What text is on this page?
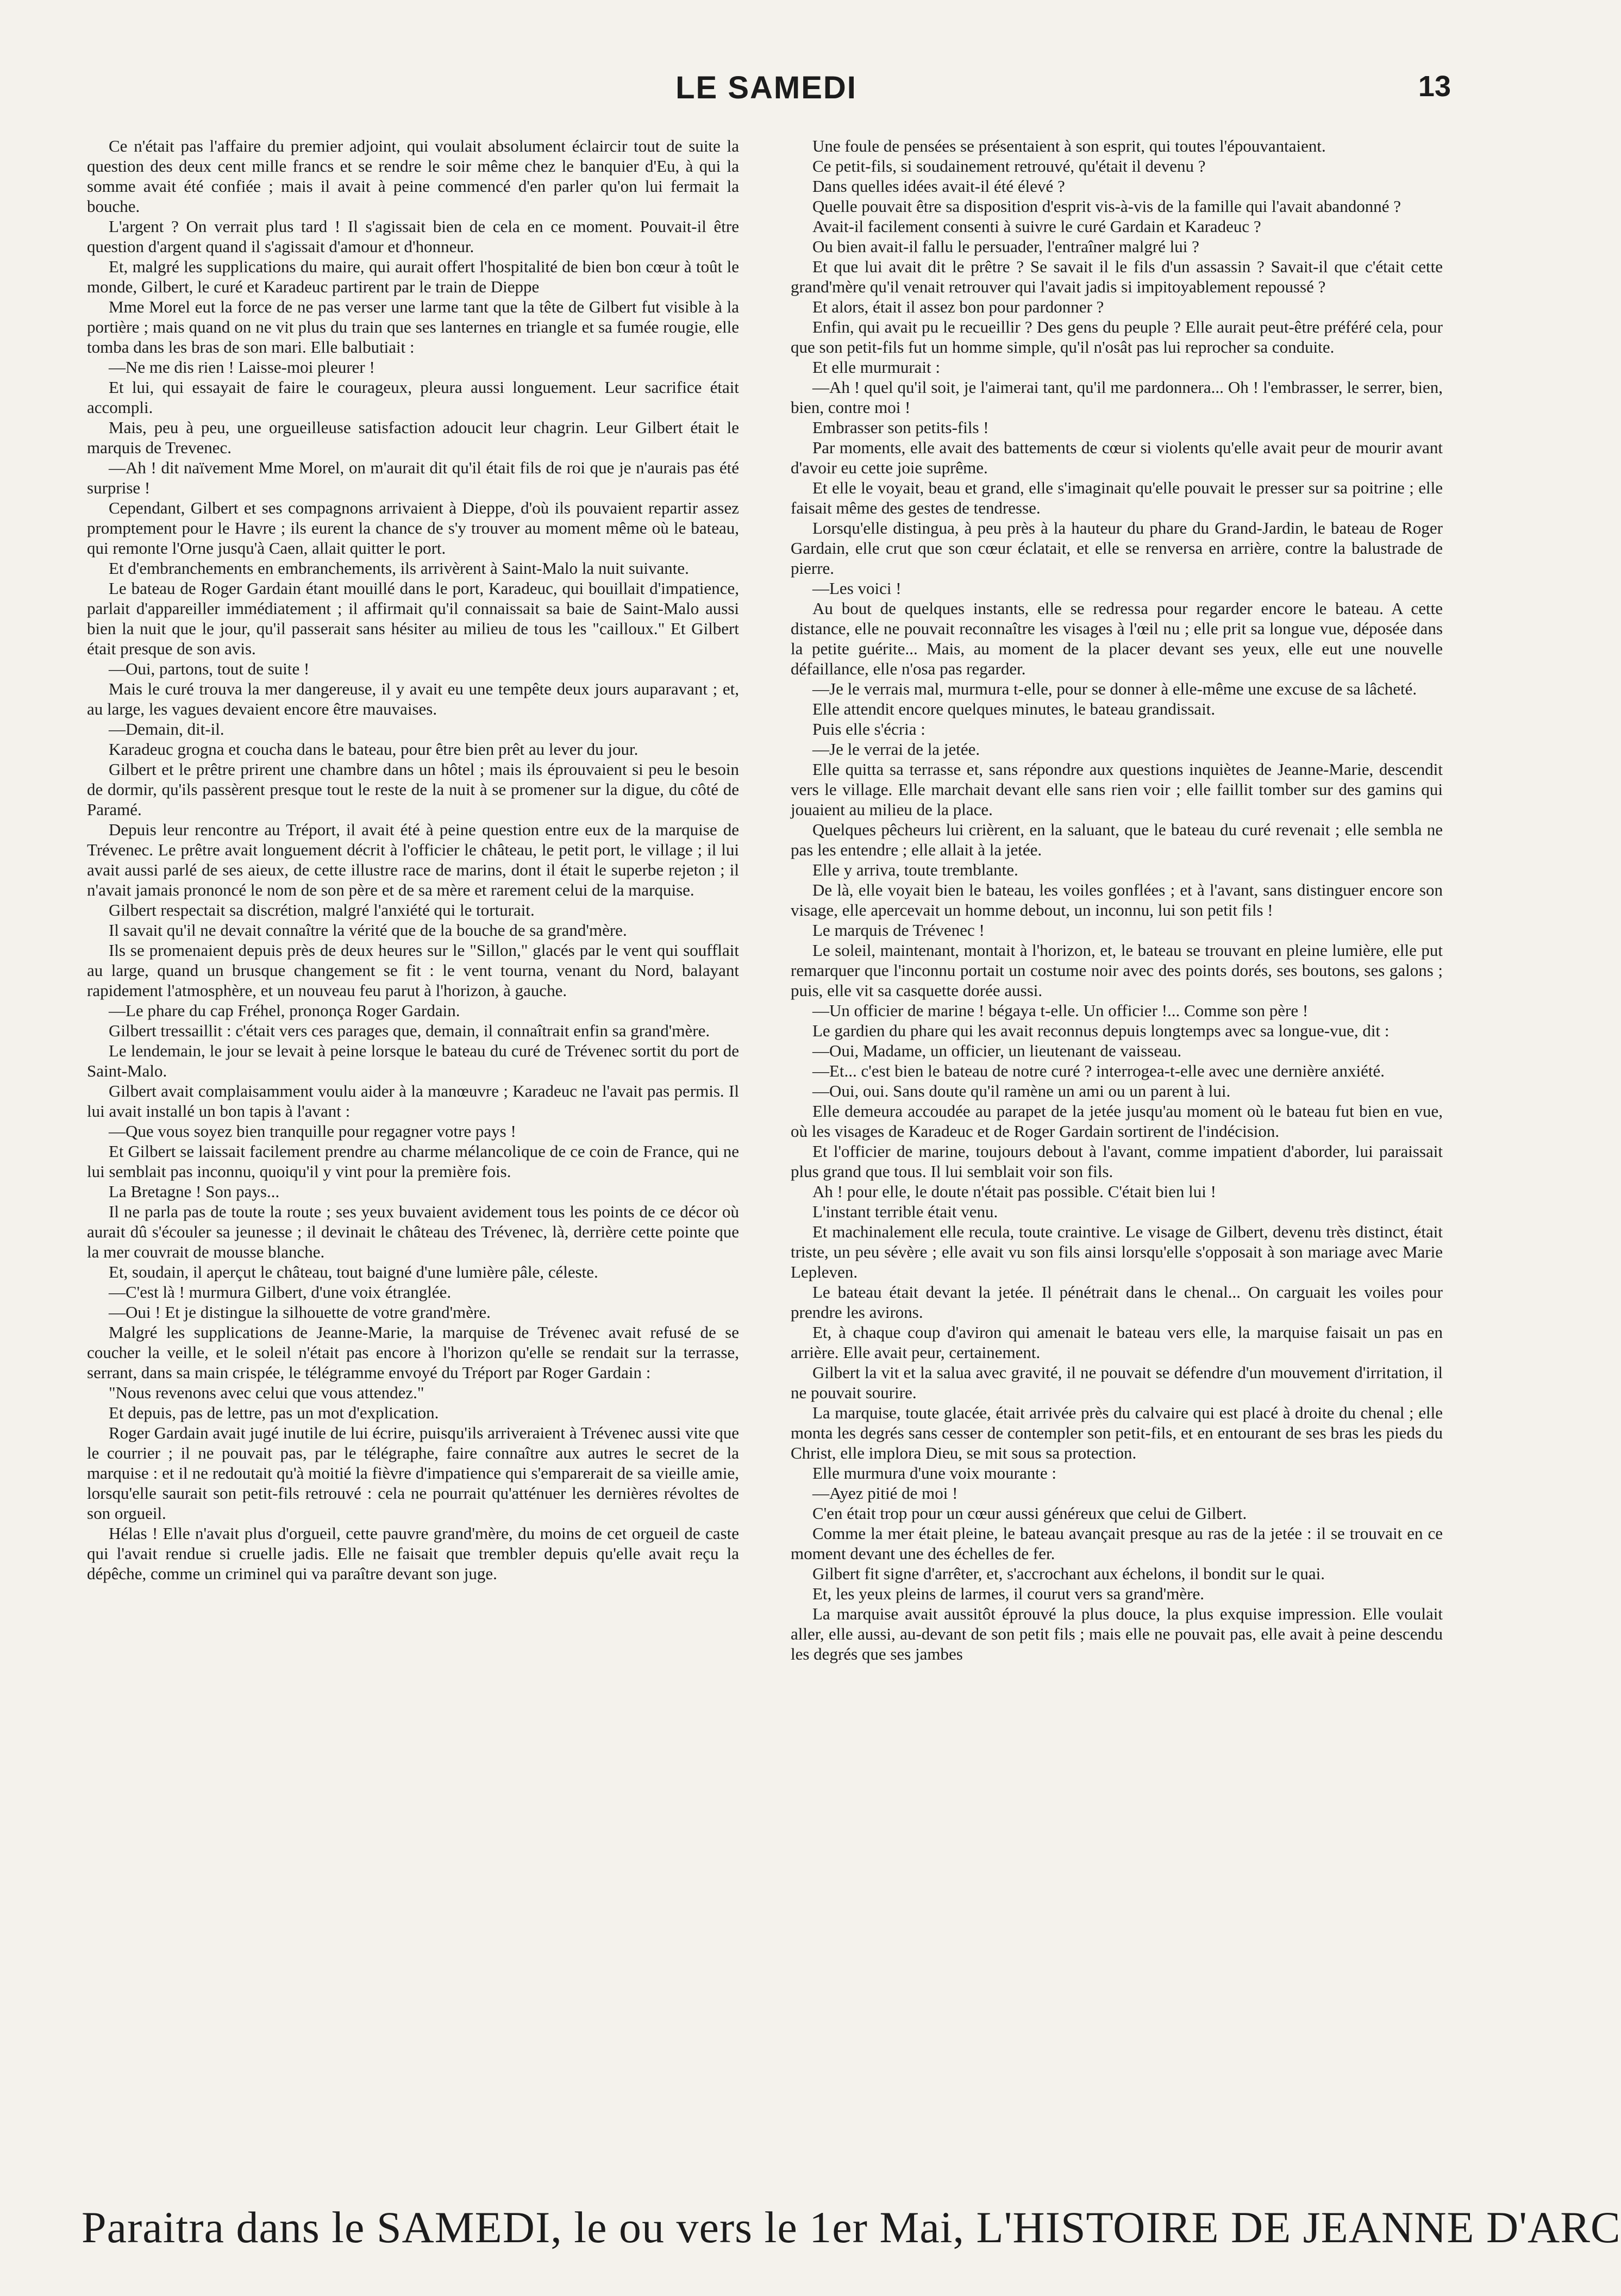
LE SAMEDI	13

Ce n'était pas l'affaire du premier adjoint, qui voulait absolument éclaircir tout de suite la question des deux cent mille francs et se rendre le soir même chez le banquier d'Eu, à qui la somme avait été confiée ; mais il avait à peine commencé d'en parler qu'on lui fermait la bouche.

L'argent ? On verrait plus tard ! Il s'agissait bien de cela en ce moment. Pouvait-il être question d'argent quand il s'agissait d'amour et d'honneur.

Et, malgré les supplications du maire, qui aurait offert l'hospitalité de bien bon cœur à toût le monde, Gilbert, le curé et Karadeuc partirent par le train de Dieppe

Mme Morel eut la force de ne pas verser une larme tant que la tête de Gilbert fut visible à la portière ; mais quand on ne vit plus du train que ses lanternes en triangle et sa fumée rougie, elle tomba dans les bras de son mari. Elle balbutiait :

—Ne me dis rien ! Laisse-moi pleurer !

Et lui, qui essayait de faire le courageux, pleura aussi longuement. Leur sacrifice était accompli.

Mais, peu à peu, une orgueilleuse satisfaction adoucit leur chagrin. Leur Gilbert était le marquis de Trevenec.

—Ah ! dit naïvement Mme Morel, on m'aurait dit qu'il était fils de roi que je n'aurais pas été surprise !

Cependant, Gilbert et ses compagnons arrivaient à Dieppe, d'où ils pouvaient repartir assez promptement pour le Havre ; ils eurent la chance de s'y trouver au moment même où le bateau, qui remonte l'Orne jusqu'à Caen, allait quitter le port.

Et d'embranchements en embranchements, ils arrivèrent à Saint-Malo la nuit suivante.

Le bateau de Roger Gardain étant mouillé dans le port, Karadeuc, qui bouillait d'impatience, parlait d'appareiller immédiatement ; il affirmait qu'il connaissait sa baie de Saint-Malo aussi bien la nuit que le jour, qu'il passerait sans hésiter au milieu de tous les "cailloux." Et Gilbert était presque de son avis.

—Oui, partons, tout de suite !

Mais le curé trouva la mer dangereuse, il y avait eu une tempête deux jours auparavant ; et, au large, les vagues devaient encore être mauvaises.

—Demain, dit-il.

Karadeuc grogna et coucha dans le bateau, pour être bien prêt au lever du jour.

Gilbert et le prêtre prirent une chambre dans un hôtel ; mais ils éprouvaient si peu le besoin de dormir, qu'ils passèrent presque tout le reste de la nuit à se promener sur la digue, du côté de Paramé.

Depuis leur rencontre au Tréport, il avait été à peine question entre eux de la marquise de Trévenec. Le prêtre avait longuement décrit à l'officier le château, le petit port, le village ; il lui avait aussi parlé de ses aieux, de cette illustre race de marins, dont il était le superbe rejeton ; il n'avait jamais prononcé le nom de son père et de sa mère et rarement celui de la marquise.

Gilbert respectait sa discrétion, malgré l'anxiété qui le torturait.

Il savait qu'il ne devait connaître la vérité que de la bouche de sa grand'mère.

Ils se promenaient depuis près de deux heures sur le "Sillon," glacés par le vent qui soufflait au large, quand un brusque changement se fit : le vent tourna, venant du Nord, balayant rapidement l'atmosphère, et un nouveau feu parut à l'horizon, à gauche.

—Le phare du cap Fréhel, prononça Roger Gardain.

Gilbert tressaillit : c'était vers ces parages que, demain, il connaîtrait enfin sa grand'mère.

Le lendemain, le jour se levait à peine lorsque le bateau du curé de Trévenec sortit du port de Saint-Malo.

Gilbert avait complaisamment voulu aider à la manœuvre ; Karadeuc ne l'avait pas permis. Il lui avait installé un bon tapis à l'avant :

—Que vous soyez bien tranquille pour regagner votre pays !

Et Gilbert se laissait facilement prendre au charme mélancolique de ce coin de France, qui ne lui semblait pas inconnu, quoiqu'il y vint pour la première fois.

La Bretagne ! Son pays...

Il ne parla pas de toute la route ; ses yeux buvaient avidement tous les points de ce décor où aurait dû s'écouler sa jeunesse ; il devinait le château des Trévenec, là, derrière cette pointe que la mer couvrait de mousse blanche.

Et, soudain, il aperçut le château, tout baigné d'une lumière pâle, céleste.

—C'est là ! murmura Gilbert, d'une voix étranglée.

—Oui ! Et je distingue la silhouette de votre grand'mère.

Malgré les supplications de Jeanne-Marie, la marquise de Trévenec avait refusé de se coucher la veille, et le soleil n'était pas encore à l'horizon qu'elle se rendait sur la terrasse, serrant, dans sa main crispée, le télégramme envoyé du Tréport par Roger Gardain :

"Nous revenons avec celui que vous attendez."

Et depuis, pas de lettre, pas un mot d'explication.

Roger Gardain avait jugé inutile de lui écrire, puisqu'ils arriveraient à Trévenec aussi vite que le courrier ; il ne pouvait pas, par le télégraphe, faire connaître aux autres le secret de la marquise : et il ne redoutait qu'à moitié la fièvre d'impatience qui s'emparerait de sa vieille amie, lorsqu'elle saurait son petit-fils retrouvé : cela ne pourrait qu'atténuer les dernières révoltes de son orgueil.

Hélas ! Elle n'avait plus d'orgueil, cette pauvre grand'mère, du moins de cet orgueil de caste qui l'avait rendue si cruelle jadis. Elle ne faisait que trembler depuis qu'elle avait reçu la dépêche, comme un criminel qui va paraître devant son juge.

Une foule de pensées se présentaient à son esprit, qui toutes l'épouvantaient.

Ce petit-fils, si soudainement retrouvé, qu'était il devenu ?

Dans quelles idées avait-il été élevé ?

Quelle pouvait être sa disposition d'esprit vis-à-vis de la famille qui l'avait abandonné ?

Avait-il facilement consenti à suivre le curé Gardain et Karadeuc ?

Ou bien avait-il fallu le persuader, l'entraîner malgré lui ?

Et que lui avait dit le prêtre ? Se savait il le fils d'un assassin ? Savait-il que c'était cette grand'mère qu'il venait retrouver qui l'avait jadis si impitoyablement repoussé ?

Et alors, était il assez bon pour pardonner ?

Enfin, qui avait pu le recueillir ? Des gens du peuple ? Elle aurait peut-être préféré cela, pour que son petit-fils fut un homme simple, qu'il n'osât pas lui reprocher sa conduite.

Et elle murmurait :

—Ah ! quel qu'il soit, je l'aimerai tant, qu'il me pardonnera... Oh ! l'embrasser, le serrer, bien, bien, contre moi !

Embrasser son petits-fils !

Par moments, elle avait des battements de cœur si violents qu'elle avait peur de mourir avant d'avoir eu cette joie suprême.

Et elle le voyait, beau et grand, elle s'imaginait qu'elle pouvait le presser sur sa poitrine ; elle faisait même des gestes de tendresse.

Lorsqu'elle distingua, à peu près à la hauteur du phare du Grand-Jardin, le bateau de Roger Gardain, elle crut que son cœur éclatait, et elle se renversa en arrière, contre la balustrade de pierre.

—Les voici !

Au bout de quelques instants, elle se redressa pour regarder encore le bateau. A cette distance, elle ne pouvait reconnaître les visages à l'œil nu ; elle prit sa longue vue, déposée dans la petite guérite... Mais, au moment de la placer devant ses yeux, elle eut une nouvelle défaillance, elle n'osa pas regarder.

—Je le verrais mal, murmura t-elle, pour se donner à elle-même une excuse de sa lâcheté.

Elle attendit encore quelques minutes, le bateau grandissait.

Puis elle s'écria :

—Je le verrai de la jetée.

Elle quitta sa terrasse et, sans répondre aux questions inquiètes de Jeanne-Marie, descendit vers le village. Elle marchait devant elle sans rien voir ; elle faillit tomber sur des gamins qui jouaient au milieu de la place.

Quelques pêcheurs lui crièrent, en la saluant, que le bateau du curé revenait ; elle sembla ne pas les entendre ; elle allait à la jetée.

Elle y arriva, toute tremblante.

De là, elle voyait bien le bateau, les voiles gonflées ; et à l'avant, sans distinguer encore son visage, elle apercevait un homme debout, un inconnu, lui son petit fils !

Le marquis de Trévenec !

Le soleil, maintenant, montait à l'horizon, et, le bateau se trouvant en pleine lumière, elle put remarquer que l'inconnu portait un costume noir avec des points dorés, ses boutons, ses galons ; puis, elle vit sa casquette dorée aussi.

—Un officier de marine ! bégaya t-elle. Un officier !... Comme son père !

Le gardien du phare qui les avait reconnus depuis longtemps avec sa longue-vue, dit :

—Oui, Madame, un officier, un lieutenant de vaisseau.

—Et... c'est bien le bateau de notre curé ? interrogea-t-elle avec une dernière anxiété.

—Oui, oui. Sans doute qu'il ramène un ami ou un parent à lui.

Elle demeura accoudée au parapet de la jetée jusqu'au moment où le bateau fut bien en vue, où les visages de Karadeuc et de Roger Gardain sortirent de l'indécision.

Et l'officier de marine, toujours debout à l'avant, comme impatient d'aborder, lui paraissait plus grand que tous. Il lui semblait voir son fils.

Ah ! pour elle, le doute n'était pas possible. C'était bien lui !

L'instant terrible était venu.

Et machinalement elle recula, toute craintive. Le visage de Gilbert, devenu très distinct, était triste, un peu sévère ; elle avait vu son fils ainsi lorsqu'elle s'opposait à son mariage avec Marie Lepleven.

Le bateau était devant la jetée. Il pénétrait dans le chenal... On carguait les voiles pour prendre les avirons.

Et, à chaque coup d'aviron qui amenait le bateau vers elle, la marquise faisait un pas en arrière. Elle avait peur, certainement.

Gilbert la vit et la salua avec gravité, il ne pouvait se défendre d'un mouvement d'irritation, il ne pouvait sourire.

La marquise, toute glacée, était arrivée près du calvaire qui est placé à droite du chenal ; elle monta les degrés sans cesser de contempler son petit-fils, et en entourant de ses bras les pieds du Christ, elle implora Dieu, se mit sous sa protection.

Elle murmura d'une voix mourante :

—Ayez pitié de moi !

C'en était trop pour un cœur aussi généreux que celui de Gilbert.

Comme la mer était pleine, le bateau avançait presque au ras de la jetée : il se trouvait en ce moment devant une des échelles de fer.

Gilbert fit signe d'arrêter, et, s'accrochant aux échelons, il bondit sur le quai.

Et, les yeux pleins de larmes, il courut vers sa grand'mère.

La marquise avait aussitôt éprouvé la plus douce, la plus exquise impression. Elle voulait aller, elle aussi, au-devant de son petit fils ; mais elle ne pouvait pas, elle avait à peine descendu les degrés que ses jambes

Paraitra dans le SAMEDI, le ou vers le 1er Mai, L'HISTOIRE DE JEANNE D'ARC
